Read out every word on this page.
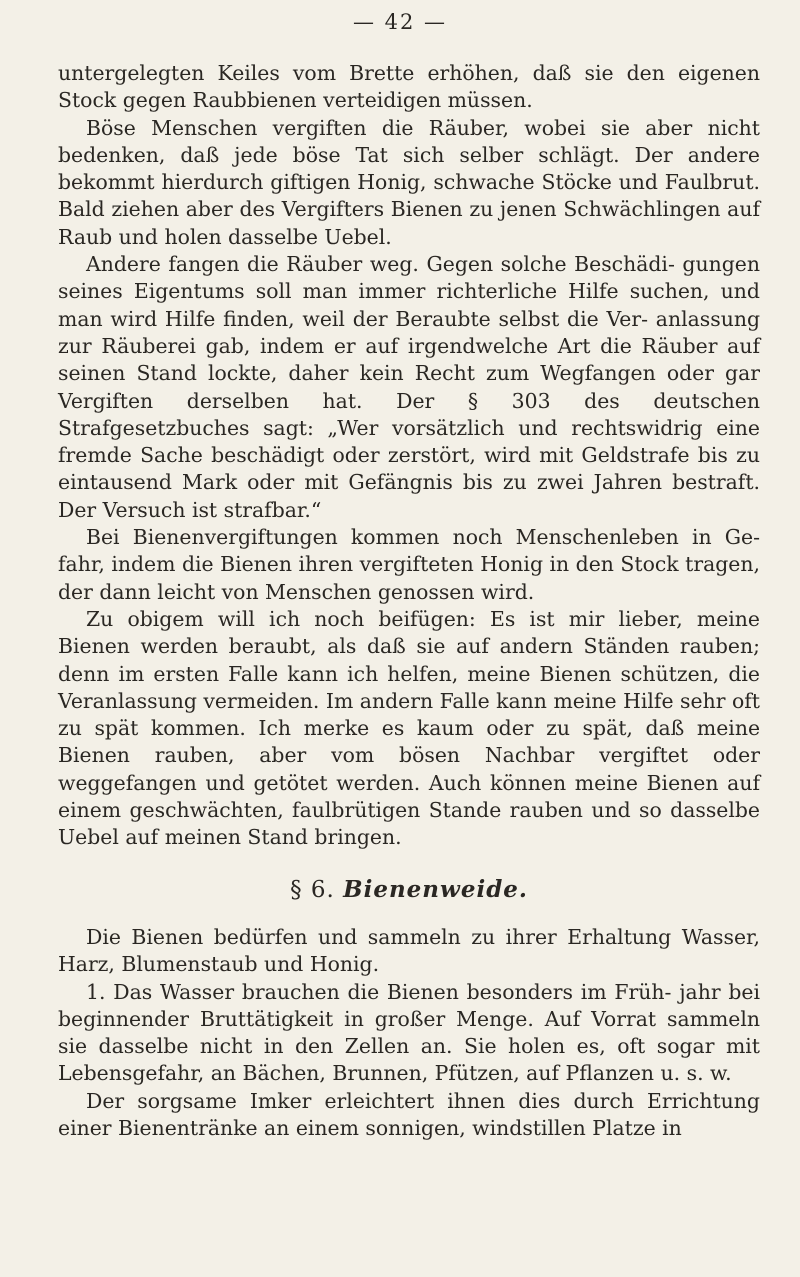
— 42 —

untergelegten Keiles vom Brette erhöhen, daß sie den eigenen Stock gegen Raubbienen verteidigen müssen.

Böse Menschen vergiften die Räuber, wobei sie aber nicht bedenken, daß jede böse Tat sich selber schlägt. Der andere bekommt hierdurch giftigen Honig, schwache Stöcke und Faulbrut. Bald ziehen aber des Vergifters Bienen zu jenen Schwächlingen auf Raub und holen dasselbe Uebel.

Andere fangen die Räuber weg. Gegen solche Beschädi- gungen seines Eigentums soll man immer richterliche Hilfe suchen, und man wird Hilfe finden, weil der Beraubte selbst die Ver- anlassung zur Räuberei gab, indem er auf irgendwelche Art die Räuber auf seinen Stand lockte, daher kein Recht zum Wegfangen oder gar Vergiften derselben hat. Der § 303 des deutschen Strafgesetzbuches sagt: „Wer vorsätzlich und rechtswidrig eine fremde Sache beschädigt oder zerstört, wird mit Geldstrafe bis zu eintausend Mark oder mit Gefängnis bis zu zwei Jahren bestraft. Der Versuch ist strafbar.“

Bei Bienenvergiftungen kommen noch Menschenleben in Ge- fahr, indem die Bienen ihren vergifteten Honig in den Stock tragen, der dann leicht von Menschen genossen wird.

Zu obigem will ich noch beifügen: Es ist mir lieber, meine Bienen werden beraubt, als daß sie auf andern Ständen rauben; denn im ersten Falle kann ich helfen, meine Bienen schützen, die Veranlassung vermeiden. Im andern Falle kann meine Hilfe sehr oft zu spät kommen. Ich merke es kaum oder zu spät, daß meine Bienen rauben, aber vom bösen Nachbar vergiftet oder weggefangen und getötet werden. Auch können meine Bienen auf einem geschwächten, faulbrütigen Stande rauben und so dasselbe Uebel auf meinen Stand bringen.

§ 6. Bienenweide.

Die Bienen bedürfen und sammeln zu ihrer Erhaltung Wasser, Harz, Blumenstaub und Honig.

1. Das Wasser brauchen die Bienen besonders im Früh- jahr bei beginnender Bruttätigkeit in großer Menge. Auf Vorrat sammeln sie dasselbe nicht in den Zellen an. Sie holen es, oft sogar mit Lebensgefahr, an Bächen, Brunnen, Pfützen, auf Pflanzen u. s. w.

Der sorgsame Imker erleichtert ihnen dies durch Errichtung einer Bienentränke an einem sonnigen, windstillen Platze in
